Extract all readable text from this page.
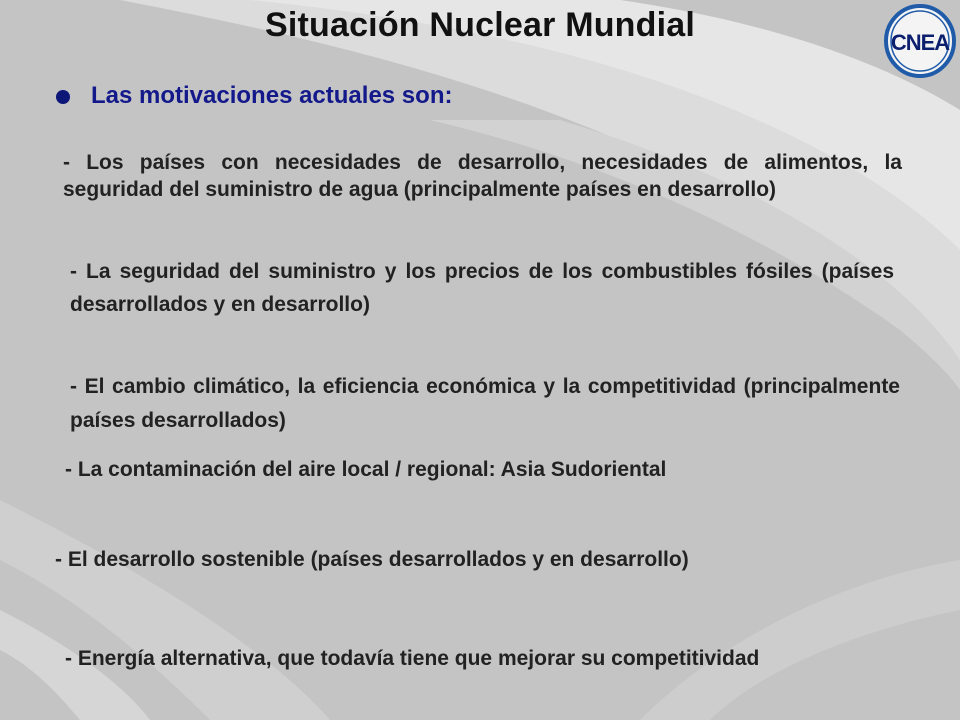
Situación Nuclear Mundial	CNEA
Las motivaciones actuales son:
- Los países con necesidades de desarrollo, necesidades de alimentos, la seguridad del suministro de agua (principalmente países en desarrollo)
- La seguridad del suministro y los precios de los combustibles fósiles (países desarrollados y en desarrollo)
- El cambio climático, la eficiencia económica y la competitividad (principalmente países desarrollados)
- La contaminación del aire local / regional: Asia Sudoriental
- El desarrollo sostenible (países desarrollados y en desarrollo)
- Energía alternativa, que todavía tiene que mejorar su competitividad
